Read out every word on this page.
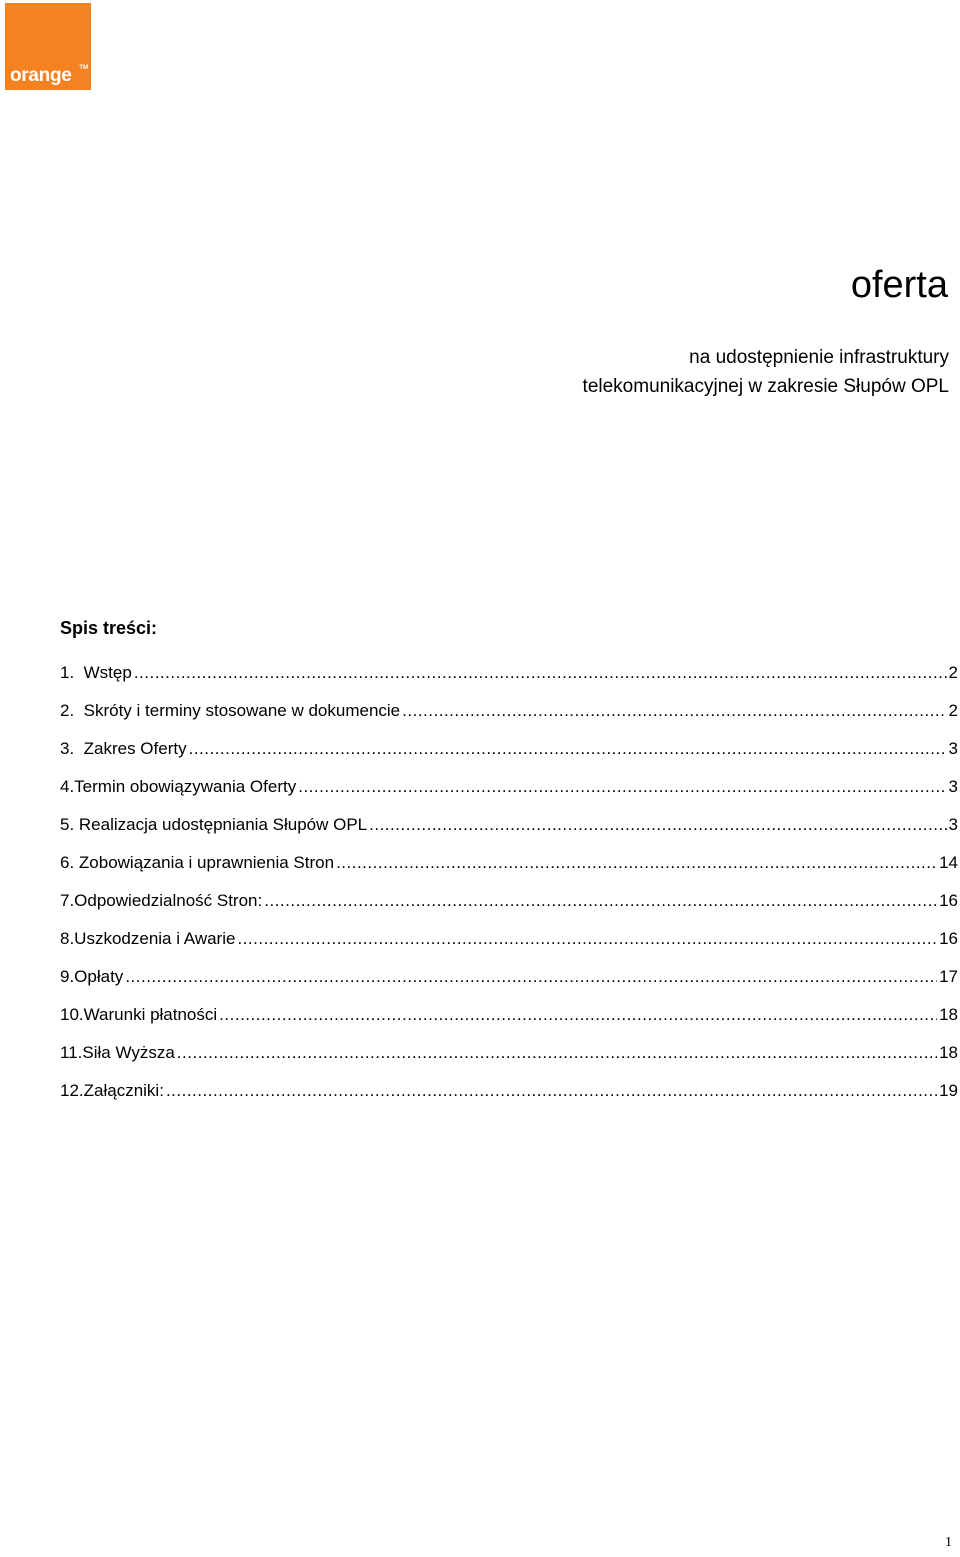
TM
orange
oferta
na udostępnienie infrastruktury
telekomunikacyjnej w zakresie Słupów OPL
Spis treści:
1.  Wstęp .....	2
2.  Skróty i terminy stosowane w dokumencie .....	2
3.  Zakres Oferty .....	3
4.Termin obowiązywania Oferty .....	3
5. Realizacja udostępniania Słupów OPL .....	3
6. Zobowiązania i uprawnienia Stron .....	14
7.Odpowiedzialność Stron: .....	16
8.Uszkodzenia i Awarie .....	16
9.Opłaty .....	17
10.Warunki płatności .....	18
11.Siła Wyższa .....	18
12.Załączniki: .....	19
1
